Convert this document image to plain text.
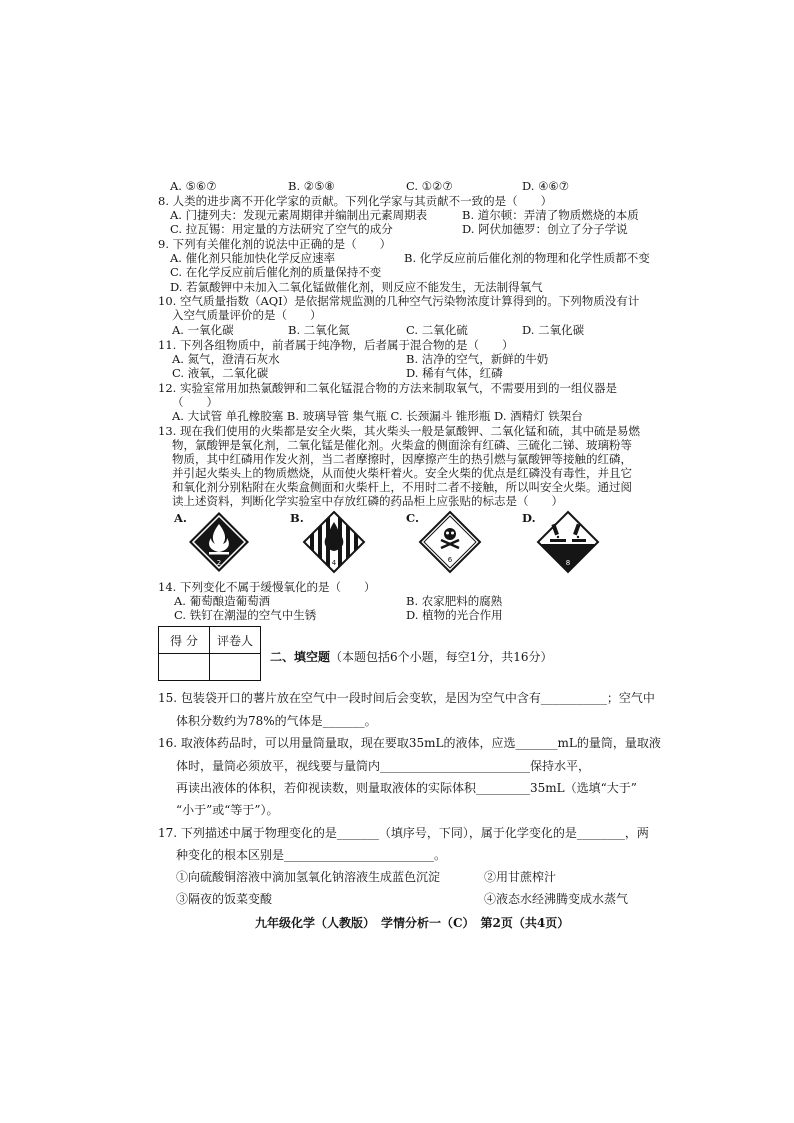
A. ⑤⑥⑦	B. ②⑤⑧	C. ①②⑦	D. ④⑥⑦
8. 人类的进步离不开化学家的贡献。下列化学家与其贡献不一致的是（　　）
A. 门捷列夫：发现元素周期律并编制出元素周期表	B. 道尔顿：弄清了物质燃烧的本质
C. 拉瓦锡：用定量的方法研究了空气的成分	D. 阿伏加德罗：创立了分子学说
9. 下列有关催化剂的说法中正确的是（　　）
A. 催化剂只能加快化学反应速率	B. 化学反应前后催化剂的物理和化学性质都不变
C. 在化学反应前后催化剂的质量保持不变
D. 若氯酸钾中未加入二氧化锰做催化剂，则反应不能发生，无法制得氧气
10. 空气质量指数（AQI）是依据常规监测的几种空气污染物浓度计算得到的。下列物质没有计
入空气质量评价的是（　　）
A. 一氧化碳	B. 二氧化氮	C. 二氧化硫	D. 二氧化碳
11. 下列各组物质中，前者属于纯净物，后者属于混合物的是（　　）
A. 氮气，澄清石灰水	B. 洁净的空气，新鲜的牛奶
C. 液氧，二氧化碳	D. 稀有气体，红磷
12. 实验室常用加热氯酸钾和二氧化锰混合物的方法来制取氧气，不需要用到的一组仪器是
（　　）
A. 大试管 单孔橡胶塞 B. 玻璃导管 集气瓶 C. 长颈漏斗 锥形瓶 D. 酒精灯 铁架台
13. 现在我们使用的火柴都是安全火柴，其火柴头一般是氯酸钾、二氧化锰和硫，其中硫是易燃
物，氯酸钾是氧化剂，二氧化锰是催化剂。火柴盒的侧面涂有红磷、三硫化二锑、玻璃粉等
物质，其中红磷用作发火剂，当二者摩擦时，因摩擦产生的热引燃与氯酸钾等接触的红磷，
并引起火柴头上的物质燃烧，从而使火柴杆着火。安全火柴的优点是红磷没有毒性，并且它
和氧化剂分别粘附在火柴盒侧面和火柴杆上，不用时二者不接触，所以叫安全火柴。通过阅
读上述资料，判断化学实验室中存放红磷的药品柜上应张贴的标志是（　　）
A.
2
B.
4
C.
6
D.
8
14. 下列变化不属于缓慢氧化的是（　　）
A. 葡萄酿造葡萄酒	B. 农家肥料的腐熟
C. 铁钉在潮湿的空气中生锈	D. 植物的光合作用
得 分	评卷人

二、填空题（本题包括6个小题，每空1分，共16分）
15. 包装袋开口的薯片放在空气中一段时间后会变软，是因为空气中含有___________；空气中
体积分数约为78%的气体是_______。
16. 取液体药品时，可以用量筒量取，现在要取35mL的液体，应选_______mL的量筒，量取液
体时，量筒必须放平，视线要与量筒内_________________________保持水平，
再读出液体的体积，若仰视读数，则量取液体的实际体积_________35mL（选填“大于”
“小于”或“等于”）。
17. 下列描述中属于物理变化的是_______（填序号，下同），属于化学变化的是________，两
种变化的根本区别是_________________________。
①向硫酸铜溶液中滴加氢氧化钠溶液生成蓝色沉淀	②用甘蔗榨汁
③隔夜的饭菜变酸	④液态水经沸腾变成水蒸气
九年级化学（人教版）　学情分析一（C）　第2页（共4页）
